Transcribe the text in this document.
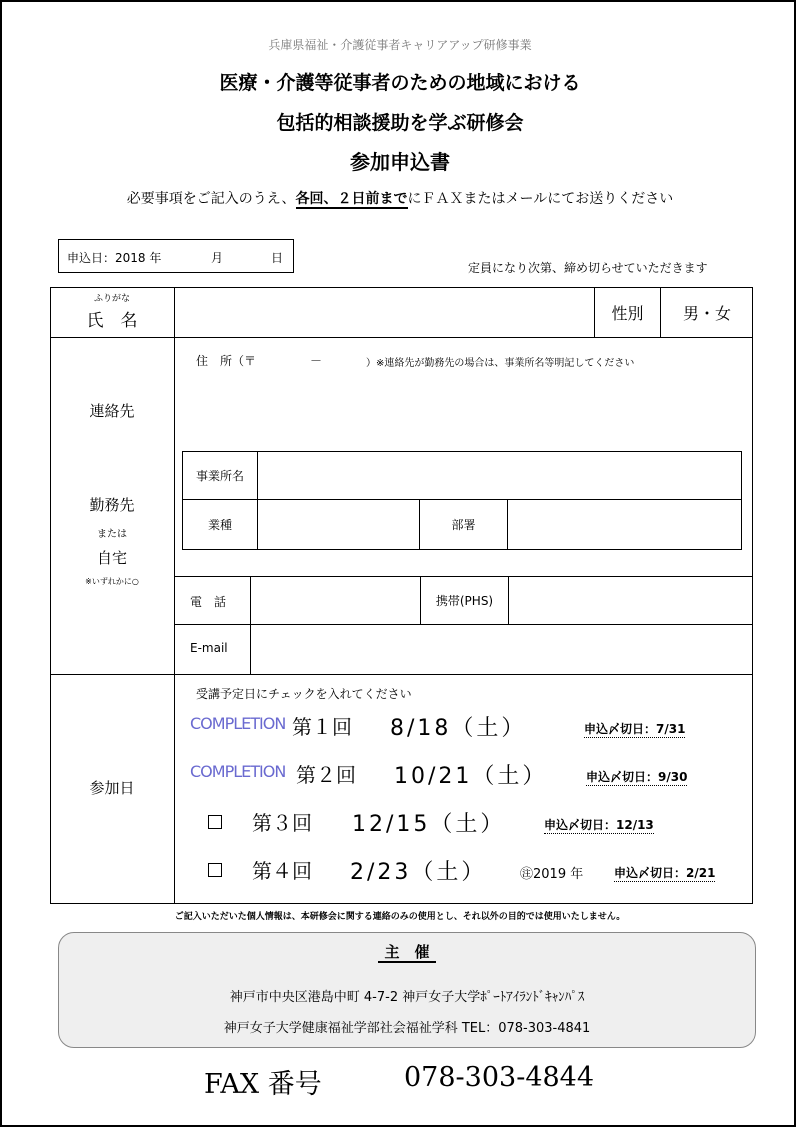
兵庫県福祉・介護従事者キャリアアップ研修事業
医療・介護等従事者のための地域における
包括的相談援助を学ぶ研修会
参加申込書
必要事項をご記入のうえ、各回、２日前までにＦＡＸまたはメールにてお送りください
申込日：2018 年	月	日
定員になり次第、締め切らせていただきます
ふりがな
氏　名	性別	男・女
連絡先
勤務先
または
自宅
※いずれかに○
住　所（〒	－	）※連絡先が勤務先の場合は、事業所名等明記してください
事業所名
業種	部署
電　話	携帯(PHS)
E-mail
参加日
受講予定日にチェックを入れてください
COMPLETION 第１回 8/18（土）	申込〆切日：7/31
COMPLETION 第２回 10/21（土）	申込〆切日：9/30
第３回 12/15（土）	申込〆切日：12/13
第４回 2/23（土）	㊟2019 年	申込〆切日：2/21
ご記入いただいた個人情報は、本研修会に関する連絡のみの使用とし、それ以外の目的では使用いたしません。
主　催
神戸市中央区港島中町 4-7-2 神戸女子大学ﾎﾟｰﾄｱｲﾗﾝﾄﾞｷｬﾝﾊﾟｽ
神戸女子大学健康福祉学部社会福祉学科 TEL：078-303-4841
FAX 番号	078-303-4844
